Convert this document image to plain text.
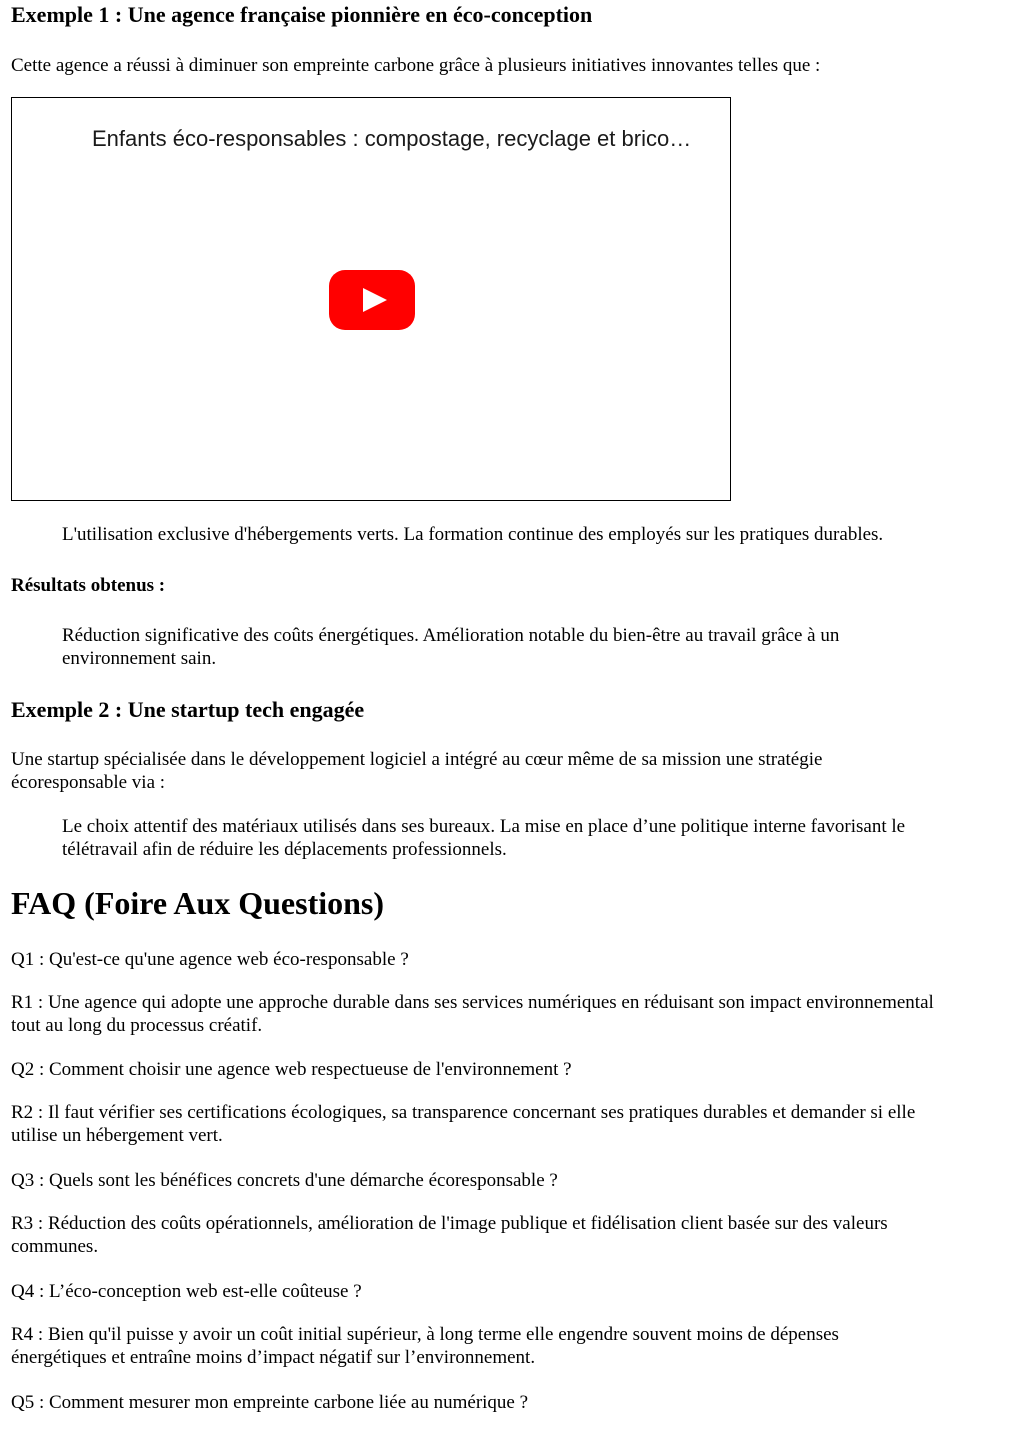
Exemple 1 : Une agence française pionnière en éco-conception

Cette agence a réussi à diminuer son empreinte carbone grâce à plusieurs initiatives innovantes telles que :

Enfants éco-responsables : compostage, recyclage et brico…

L'utilisation exclusive d'hébergements verts. La formation continue des employés sur les pratiques durables.

Résultats obtenus :

Réduction significative des coûts énergétiques. Amélioration notable du bien-être au travail grâce à un

environnement sain.

Exemple 2 : Une startup tech engagée

Une startup spécialisée dans le développement logiciel a intégré au cœur même de sa mission une stratégie

écoresponsable via :

Le choix attentif des matériaux utilisés dans ses bureaux. La mise en place d’une politique interne favorisant le

télétravail afin de réduire les déplacements professionnels.

FAQ (Foire Aux Questions)

Q1 : Qu'est-ce qu'une agence web éco-responsable ?

R1 : Une agence qui adopte une approche durable dans ses services numériques en réduisant son impact environnemental

tout au long du processus créatif.

Q2 : Comment choisir une agence web respectueuse de l'environnement ?

R2 : Il faut vérifier ses certifications écologiques, sa transparence concernant ses pratiques durables et demander si elle

utilise un hébergement vert.

Q3 : Quels sont les bénéfices concrets d'une démarche écoresponsable ?

R3 : Réduction des coûts opérationnels, amélioration de l'image publique et fidélisation client basée sur des valeurs

communes.

Q4 : L’éco-conception web est-elle coûteuse ?

R4 : Bien qu'il puisse y avoir un coût initial supérieur, à long terme elle engendre souvent moins de dépenses

énergétiques et entraîne moins d’impact négatif sur l’environnement.

Q5 : Comment mesurer mon empreinte carbone liée au numérique ?
